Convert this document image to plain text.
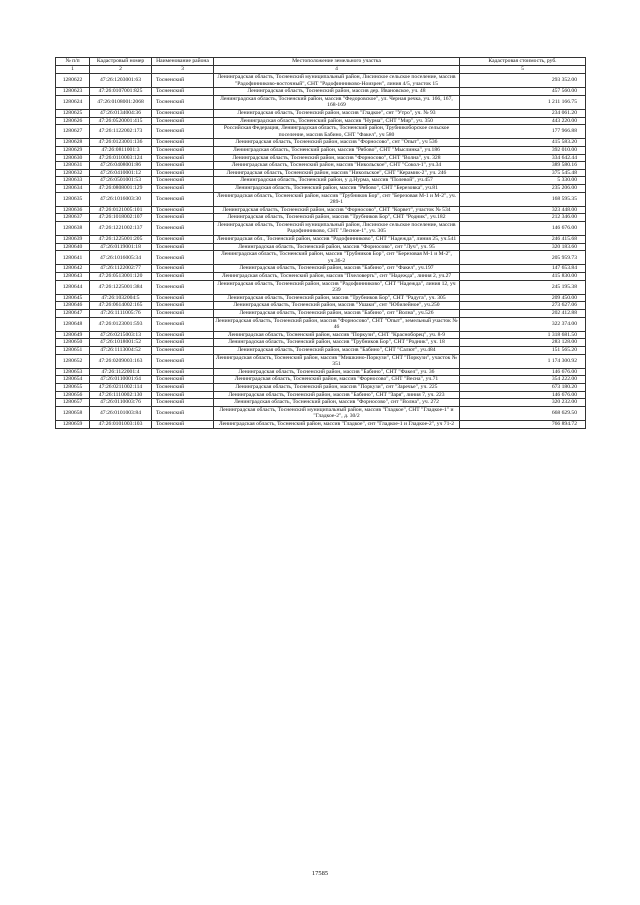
№ п/п	Кадастровый номер	Наименование района	Местоположение земельного участка	Кадастровая стоимость, руб.
1	2	3	4	5
1280622	47:26:1203001:63	Тосненский	Ленинградская область, Тосненский муниципальный район, Лисинское сельское поселение, массив "Радофинниково-восточный", СНТ "Радофинниково-Ноизрен", линия 4/5, участок 15	293 352.00
1280623	47:26:0107001:825	Тосненский	Ленинградская область, Тосненский район, массив дер. Ивановское, уч. 48	457 560.00
1280624	47:26:0108001:2068	Тосненский	Ленинградская область, Тосненский район, массив "Федоровское", ул. Черная речка, уч. 166, 167, 168-169	1 211 166.75
1280625	47:26:0134004:36	Тосненский	Ленинградская область, Тосненский район, массив "Гладкое", снт "Утро", уч. № 93	234 061.20
1280626	47:26:0520001:415	Тосненский	Ленинградская область, Тосненский район, массив "Нурма", СНТ "Мир", уч. 350	443 220.00
1280627	47:26:1122002:173	Тосненский	Российская Федерация, Ленинградская область, Тосненский район, Трубникоборское сельское поселение, массив Бабино, СНТ "Факел", уч 580	177 966.88
1280628	47:26:0123001:136	Тосненский	Ленинградская область, Тосненский район, массив "Форносово", снт "Опыт", уч 536	415 583.20
1280629	47:26:0811001:3	Тосненский	Ленинградская область, Тосненский район, массив "Рябово", СНТ "Мыслинка", уч.186	392 010.00
1280630	47:26:0110003:124	Тосненский	Ленинградская область, Тосненский район, массив "Форносово", СНТ "Волна", уч. 328	334 642.44
1280631	47:26:0408001:86	Тосненский	Ленинградская область, Тосненский район, массив "Никольское", СНТ "Сокол-1", уч.34	389 580.16
1280632	47:26:0410001:12	Тосненский	Ленинградская область, Тосненский район, массив "Никольское", СНТ "Керамик-2", уч. 246	375 545.48
1280633	47:26:0501001:53	Тосненский	Ленинградская область, Тосненский район, у д.Нурма, массив "Полевой", уч.457	5 330.00
1280634	47:26:0808001:129	Тосненский	Ленинградская область, Тосненский район, массив "Рябово", СНТ "Березовка", уч.81	235 206.00
1280635	47:26:1016003:30	Тосненский	Ленинградская область, Тосненский район, массив "Трубников Бор", снт "Березовая М-1 и М-2", уч. 289-1	168 595.35
1280636	47:26:0121005:101	Тосненский	Ленинградская область, Тосненский район, массив "Форносово", СНТ "Корвет", участок № 534	323 448.00
1280637	47:26:1018002:107	Тосненский	Ленинградская область, Тосненский район, массив "Трубников Бор", СНТ "Родник", уч.182	212 346.00
1280638	47:26:1221002:137	Тосненский	Ленинградская область, Тосненский муниципальный район, Лисинское сельское поселение, массив Радофинниково, СНТ "Лесное-1", уч. 305	146 676.00
1280639	47:26:1225001:205	Тосненский	Ленинградская обл., Тосненский район, массив "Радофинниково", СНТ "Надежда", линия 25, уч.541	246 415.68
1280640	47:26:0119001:18	Тосненский	Ленинградская область, Тосненский район, массив "Форносово", снт "Луч", уч. 95	320 183.60
1280641	47:26:1016005:34	Тосненский	Ленинградская область, Тосненский район, массив "Трубников Бор", снт "Березовая М-1 и М-2", уч.36-2	205 959.73
1280642	47:26:1122002:77	Тосненский	Ленинградская область, Тосненский район, массив "Бабино", снт "Факел", уч.197	147 653.84
1280643	47:26:0513001:120	Тосненский	Ленинградская область, Тосненский район, массив "Пчеловерть", снт "Надежда", линия 2, уч.27	415 830.00
1280644	47:26:1225001:384	Тосненский	Ленинградская область, Тосненский район, массив "Радофинниково", СНТ "Надежда", линия 12, уч 239	245 195.38
1280645	47:26:1032004:5	Тосненский	Ленинградская область, Тосненский район, массив "Трубников Бор", СНТ "Радуга", уч. 305	209 450.00
1280646	47:26:0614002:165	Тосненский	Ленинградская область, Тосненский район, массив "Ушаки", снт "Юбилейное", уч.250	273 627.06
1280647	47:26:1111005:76	Тосненский	Ленинградская область, Тосненский район, массив "Бабино", снт "Волна", уч.526	202 412.88
1280648	47:26:0123001:593	Тосненский	Ленинградская область, Тосненский район, массив "Форносово", СНТ "Опыт", земельный участок № 46	322 374.00
1280649	47:26:0215003:13	Тосненский	Ленинградская область, Тосненский район, массив "Поркузи", СНТ "Красноборец", уч. 8-9	1 318 681.50
1280650	47:26:1018001:52	Тосненский	Ленинградская область, Тосненский район, массив "Трубников Бор", СНТ "Родник", уч. 18	283 128.00
1280651	47:26:1113004:52	Тосненский	Ленинградская область, Тосненский район, массив "Бабино", СНТ "Салют", уч.484	151 565.20
1280652	47:26:0209003:163	Тосненский	Ленинградская область, Тосненский район, массив "Мишкино-Поркузи", СНТ "Поркузи", участок № 351	1 174 300.92
1280653	47:26:1122001:4	Тосненский	Ленинградская область, Тосненский район, массив "Бабино", СНТ "Факел", уч. 36	146 676.00
1280654	47:26:0110001:64	Тосненский	Ленинградская область, Тосненский район, массив "Форносово", СНТ "Весна", уч.71	354 222.00
1280655	47:26:0211002:114	Тосненский	Ленинградская область, Тосненский район, массив "Поркузи", снт "Заречье", уч. 225	673 180.20
1280656	47:26:1110002:130	Тосненский	Ленинградская область, Тосненский район, массив "Бабино", СНТ "Заря", линия 7, уч. 223	146 676.00
1280657	47:26:0110003:76	Тосненский	Ленинградская область, Тосненский район, массив "Форносово", снт "Волна", уч. 272	320 232.00
1280658	47:26:0101003:84	Тосненский	Ленинградская область, Тосненский муниципальный район, массив "Гладкое", СНТ "Гладкое-1" и "Гладкое-2", д. 30/2	668 629.50
1280659	47:26:0101003:103	Тосненский	Ленинградская область, Тосненский район, массив "Гладкое", снт "Гладкое-1 и Гладкое-2", уч 71-2	766 894.72
17585
